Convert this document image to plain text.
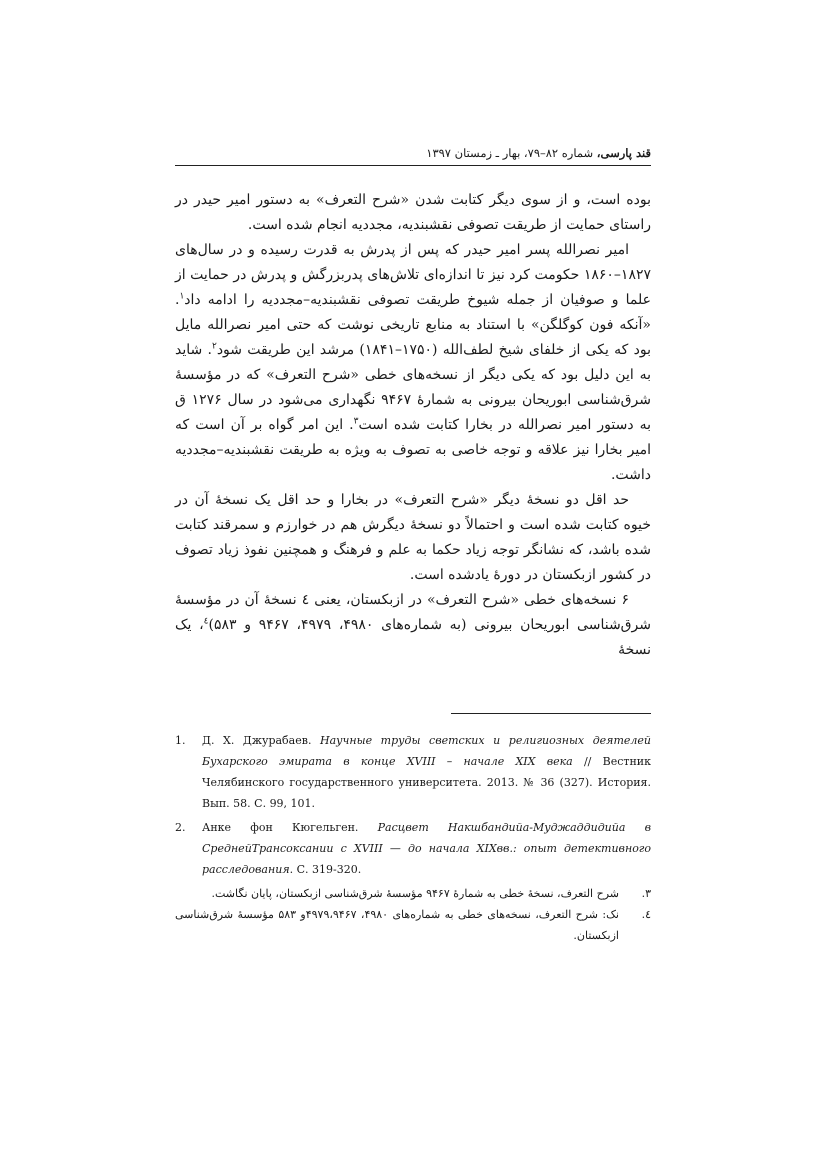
قند پارسی، شماره ۸۲–۷۹، بهار ـ زمستان ۱۳۹۷

بوده است، و از سوی دیگر کتابت شدن «شرح التعرف» به دستور امیر حیدر در راستای حمایت از طریقت تصوفی نقشبندیه، مجددیه انجام شده است.

امیر نصرالله پسر امیر حیدر که پس از پدرش به قدرت رسیده و در سال‌های ۱۸۲۷–۱۸۶۰ حکومت کرد نیز تا اندازه‌ای تلاش‌های پدربزرگش و پدرش در حمایت از علما و صوفیان از جمله شیوخ طریقت تصوفی نقشبندیه–مجددیه را ادامه داد$^۱$. «آنکه فون کوگلگن» با استناد به منابع تاریخی نوشت که حتی امیر نصرالله مایل بود که یکی از خلفای شیخ لطف‌الله (۱۷۵۰–۱۸۴۱) مرشد این طریقت شود$^۲$. شاید به این دلیل بود که یکی دیگر از نسخه‌های خطی «شرح التعرف» که در مؤسسهٔ شرق‌شناسی ابوریحان بیرونی به شمارهٔ ۹۴۶۷ نگهداری می‌شود در سال ۱۲۷۶ ق به دستور امیر نصرالله در بخارا کتابت شده است$^۳$. این امر گواه بر آن است که امیر بخارا نیز علاقه و توجه خاصی به تصوف به ویژه به طریقت نقشبندیه–مجددیه داشت.

حد اقل دو نسخهٔ دیگر «شرح التعرف» در بخارا و حد اقل یک نسخهٔ آن در خیوه کتابت شده است و احتمالاً دو نسخهٔ دیگرش هم در خوارزم و سمرقند کتابت شده باشد، که نشانگر توجه زیاد حکما به علم و فرهنگ و همچنین نفوذ زیاد تصوف در کشور ازبکستان در دورهٔ یادشده است.

۶ نسخه‌های خطی «شرح التعرف» در ازبکستان، یعنی ٤ نسخهٔ آن در مؤسسهٔ شرق‌شناسی ابوریحان بیرونی (به شماره‌های ۴۹۸۰، ۴۹۷۹، ۹۴۶۷ و ۵۸۳)$^٤$، یک نسخهٔ

1.	Д. Х. Джурабаев. Научные труды светских и религиозных деятелей Бухарского эмирата в конце XVIII – начале XIX века // Вестник Челябинского государственного университета. 2013. № 36 (327). История. Вып. 58. С. 99, 101.
2.	Анке фон Кюгельген. Расцвет Накшбандийа-Муджаддидийа в СреднейТрансоксании с XVIII — до начала XIXвв.: опыт детективного расследования. С. 319-320.
۳.
شرح التعرف، نسخهٔ خطی به شمارهٔ ۹۴۶۷ مؤسسهٔ شرق‌شناسی ازبکستان، پایان نگاشت.
٤.
نک: شرح التعرف، نسخه‌های خطی به شماره‌های ۴۹۸۰، ۴۹۷۹،۹۴۶۷و ۵۸۳ مؤسسهٔ شرق‌شناسی ازبکستان.
